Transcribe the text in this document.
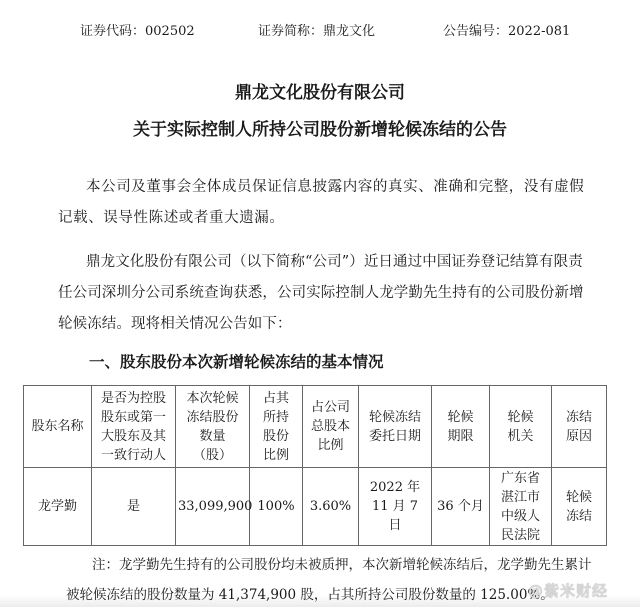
证券代码：002502	证券简称：鼎龙文化	公告编号：2022-081
鼎龙文化股份有限公司
关于实际控制人所持公司股份新增轮候冻结的公告
本公司及董事会全体成员保证信息披露内容的真实、准确和完整，没有虚假记载、误导性陈述或者重大遗漏。
鼎龙文化股份有限公司（以下简称“公司”）近日通过中国证券登记结算有限责任公司深圳分公司系统查询获悉，公司实际控制人龙学勤先生持有的公司股份新增轮候冻结。现将相关情况公告如下：
一、股东股份本次新增轮候冻结的基本情况
股东名称	是否为控股股东或第一大股东及其一致行动人	本次轮候冻结股份数量（股）	占其所持股份比例	占公司总股本比例	轮候冻结委托日期	轮候期限	轮候机关	冻结原因
龙学勤	是	33,099,900	100%	3.60%	2022 年 11 月 7 日	36 个月	广东省湛江市中级人民法院	轮候冻结
注：龙学勤先生持有的公司股份均未被质押，本次新增轮候冻结后，龙学勤先生累计
被轮候冻结的股份数量为 41,374,900 股，占其所持公司股份数量的 125.00%。
@紫米财经
